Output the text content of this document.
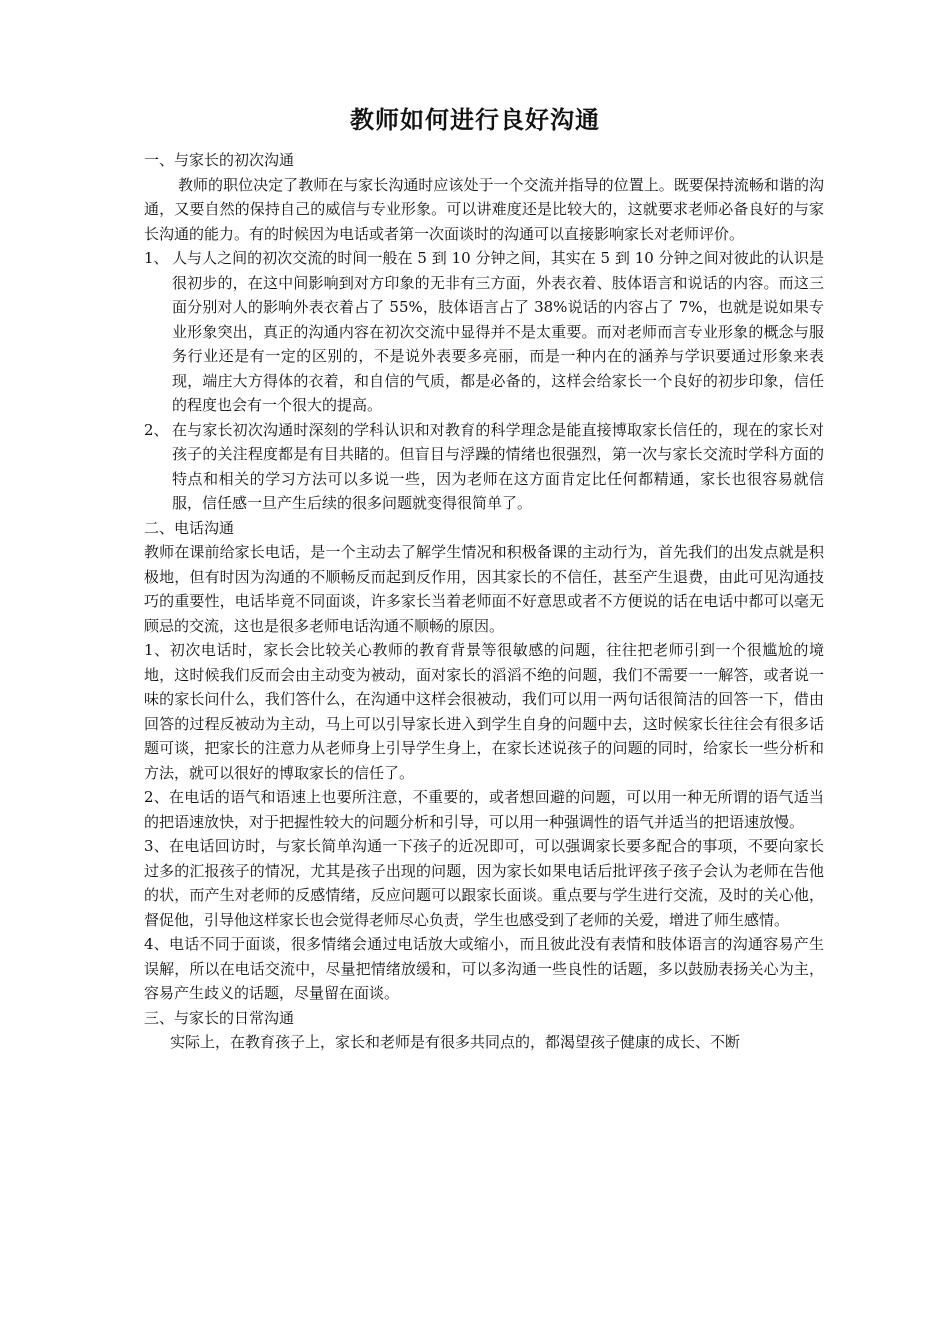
教师如何进行良好沟通

一、与家长的初次沟通

教师的职位决定了教师在与家长沟通时应该处于一个交流并指导的位置上。既要保持流畅和谐的沟通，又要自然的保持自己的威信与专业形象。可以讲难度还是比较大的，这就要求老师必备良好的与家长沟通的能力。有的时候因为电话或者第一次面谈时的沟通可以直接影响家长对老师评价。

1、 人与人之间的初次交流的时间一般在 5 到 10 分钟之间，其实在 5 到 10 分钟之间对彼此的认识是很初步的，在这中间影响到对方印象的无非有三方面，外表衣着、肢体语言和说话的内容。而这三面分别对人的影响外表衣着占了 55%，肢体语言占了 38%说话的内容占了 7%，也就是说如果专业形象突出，真正的沟通内容在初次交流中显得并不是太重要。而对老师而言专业形象的概念与服务行业还是有一定的区别的，不是说外表要多亮丽，而是一种内在的涵养与学识要通过形象来表现，端庄大方得体的衣着，和自信的气质，都是必备的，这样会给家长一个良好的初步印象，信任的程度也会有一个很大的提高。
2、 在与家长初次沟通时深刻的学科认识和对教育的科学理念是能直接博取家长信任的，现在的家长对孩子的关注程度都是有目共睹的。但盲目与浮躁的情绪也很强烈，第一次与家长交流时学科方面的特点和相关的学习方法可以多说一些，因为老师在这方面肯定比任何都精通，家长也很容易就信服，信任感一旦产生后续的很多问题就变得很简单了。

二、电话沟通

教师在课前给家长电话，是一个主动去了解学生情况和积极备课的主动行为，首先我们的出发点就是积极地，但有时因为沟通的不顺畅反而起到反作用，因其家长的不信任，甚至产生退费，由此可见沟通技巧的重要性，电话毕竟不同面谈，许多家长当着老师面不好意思或者不方便说的话在电话中都可以毫无顾忌的交流，这也是很多老师电话沟通不顺畅的原因。

1、初次电话时，家长会比较关心教师的教育背景等很敏感的问题，往往把老师引到一个很尴尬的境地，这时候我们反而会由主动变为被动，面对家长的滔滔不绝的问题，我们不需要一一解答，或者说一味的家长问什么，我们答什么，在沟通中这样会很被动，我们可以用一两句话很简洁的回答一下，借由回答的过程反被动为主动，马上可以引导家长进入到学生自身的问题中去，这时候家长往往会有很多话题可谈，把家长的注意力从老师身上引导学生身上，在家长述说孩子的问题的同时，给家长一些分析和方法，就可以很好的博取家长的信任了。

2、在电话的语气和语速上也要所注意，不重要的，或者想回避的问题，可以用一种无所谓的语气适当的把语速放快，对于把握性较大的问题分析和引导，可以用一种强调性的语气并适当的把语速放慢。

3、在电话回访时，与家长简单沟通一下孩子的近况即可，可以强调家长要多配合的事项，不要向家长过多的汇报孩子的情况，尤其是孩子出现的问题，因为家长如果电话后批评孩子孩子会认为老师在告他的状，而产生对老师的反感情绪，反应问题可以跟家长面谈。重点要与学生进行交流，及时的关心他，督促他，引导他这样家长也会觉得老师尽心负责，学生也感受到了老师的关爱，增进了师生感情。

4、电话不同于面谈，很多情绪会通过电话放大或缩小，而且彼此没有表情和肢体语言的沟通容易产生误解，所以在电话交流中，尽量把情绪放缓和，可以多沟通一些良性的话题，多以鼓励表扬关心为主，容易产生歧义的话题，尽量留在面谈。

三、与家长的日常沟通

实际上，在教育孩子上，家长和老师是有很多共同点的，都渴望孩子健康的成长、不断
